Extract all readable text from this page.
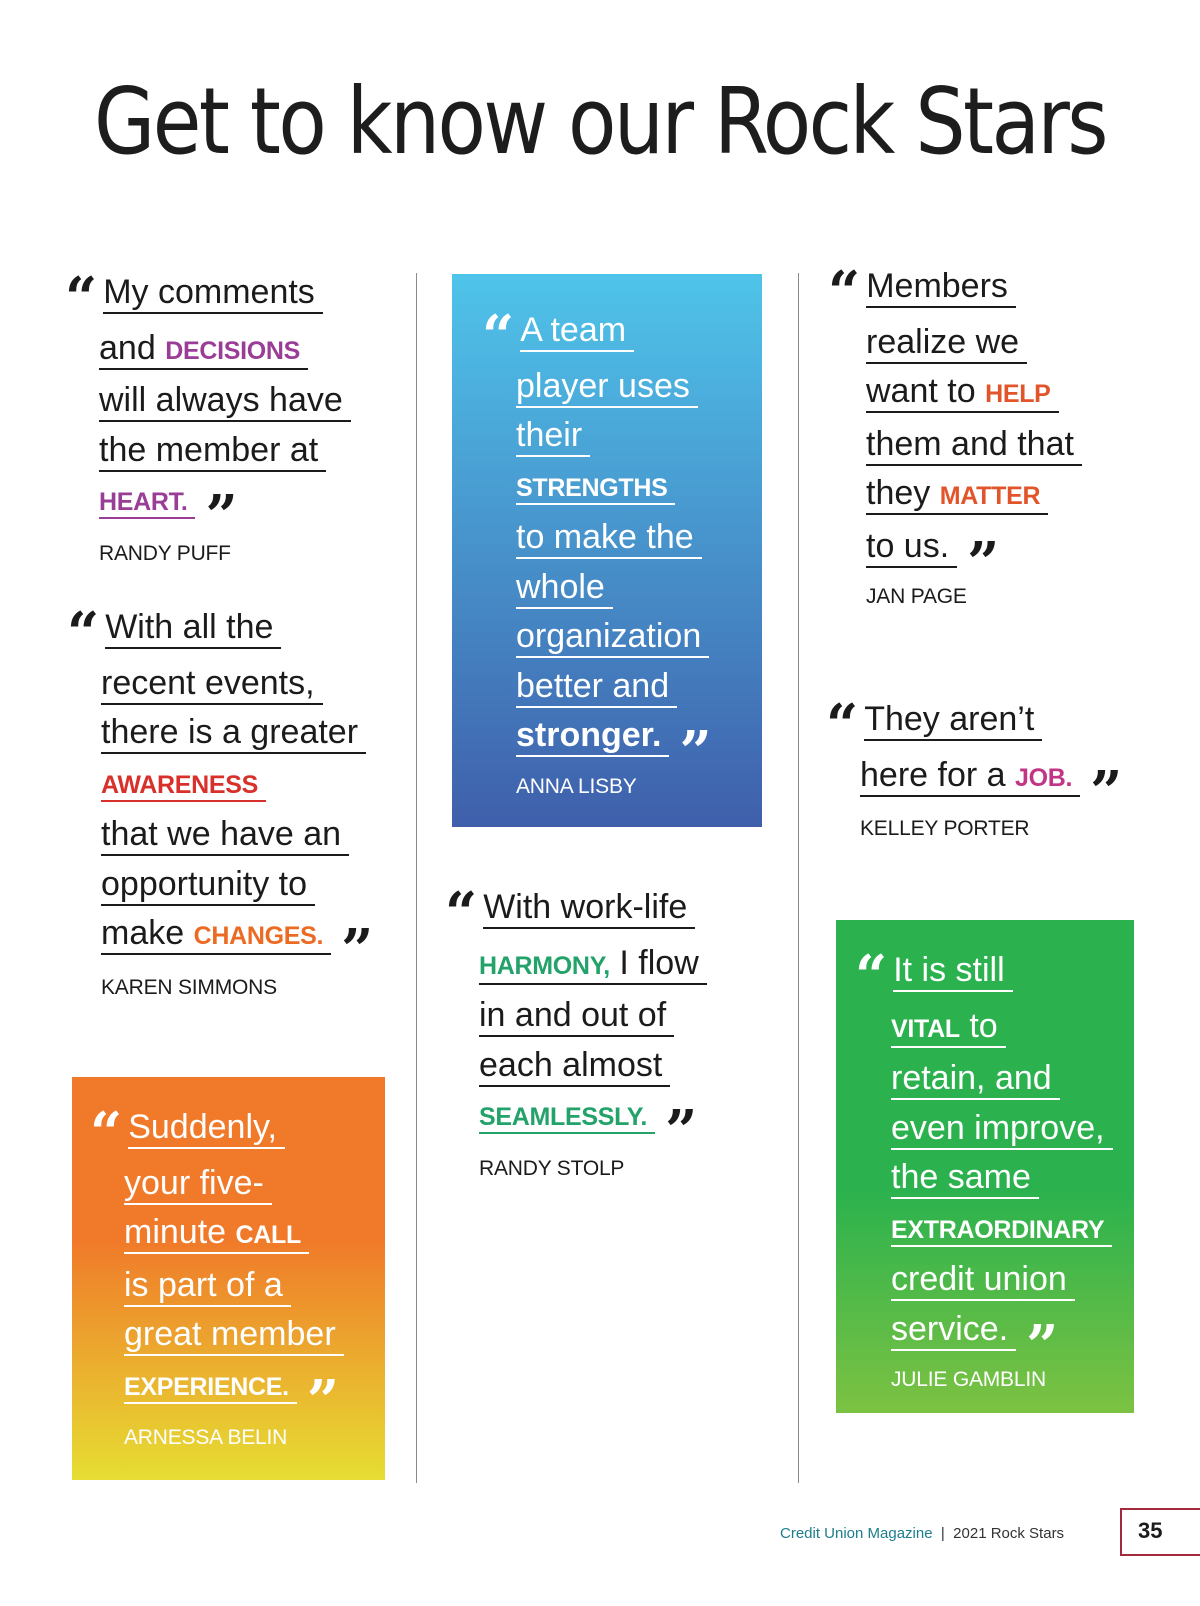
Get to know our Rock Stars
“ My comments
and DECISIONS
will always have
the member at
HEART. ”
RANDY PUFF
“ With all the
recent events,
there is a greater
AWARENESS
that we have an
opportunity to
make CHANGES. ”
KAREN SIMMONS
“ Suddenly,
your five-
minute CALL
is part of a
great member
EXPERIENCE. ”
ARNESSA BELIN
“ A team
player uses
their
STRENGTHS
to make the
whole
organization
better and
stronger. ”
ANNA LISBY
“ With work-life
HARMONY, I flow
in and out of
each almost
SEAMLESSLY. ”
RANDY STOLP
“ Members
realize we
want to HELP
them and that
they MATTER
to us. ”
JAN PAGE
“ They aren’t
here for a JOB. ”
KELLEY PORTER
“ It is still
VITAL to
retain, and
even improve,
the same
EXTRAORDINARY
credit union
service. ”
JULIE GAMBLIN
Credit Union Magazine | 2021 Rock Stars	35
